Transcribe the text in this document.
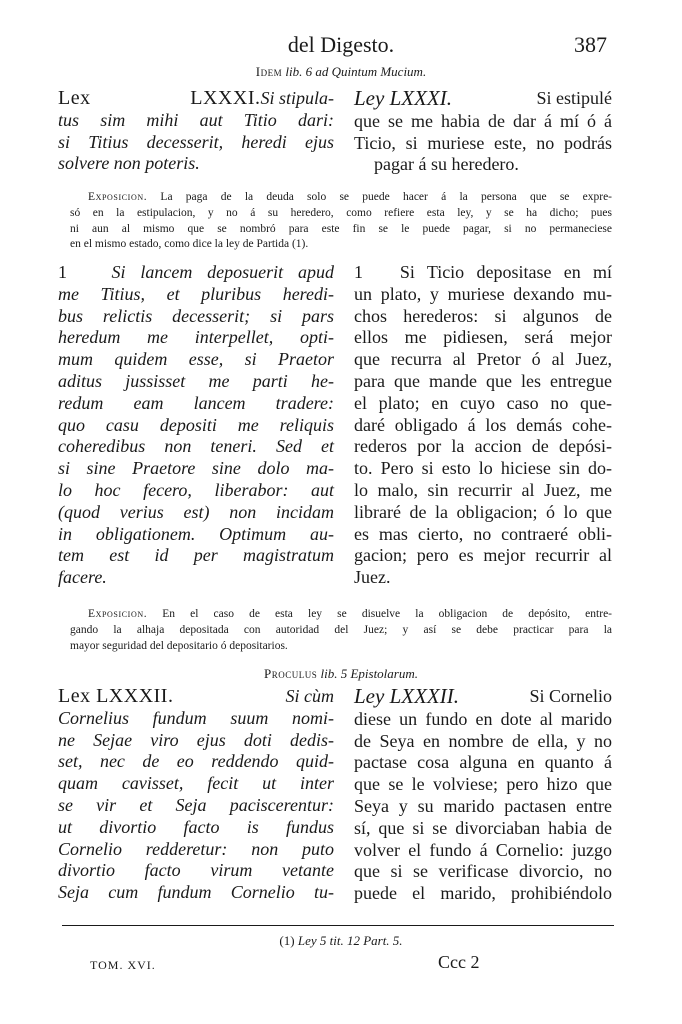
del Digesto.	387
Idem lib. 6 ad Quintum Mucium.
Lex LXXXI. Si stipula-
tus sim mihi aut Titio dari:
si Titius decesserit, heredi ejus
solvere non poteris.
Ley LXXXI.	Si estipulé
que se me habia de dar á mí ó á
Ticio, si muriese este, no podrás
pagar á su heredero.
Exposicion. La paga de la deuda solo se puede hacer á la persona que se expre-
só en la estipulacion, y no á su heredero, como refiere esta ley, y se ha dicho; pues
ni aun al mismo que se nombró para este fin se le puede pagar, si no permaneciese
en el mismo estado, como dice la ley de Partida (1).
1 Si lancem deposuerit apud
me Titius, et pluribus heredi-
bus relictis decesserit; si pars
heredum me interpellet, opti-
mum quidem esse, si Praetor
aditus jussisset me parti he-
redum eam lancem tradere:
quo casu depositi me reliquis
coheredibus non teneri. Sed et
si sine Praetore sine dolo ma-
lo hoc fecero, liberabor: aut
(quod verius est) non incidam
in obligationem. Optimum au-
tem est id per magistratum
facere.
1 Si Ticio depositase en mí
un plato, y muriese dexando mu-
chos herederos: si algunos de
ellos me pidiesen, será mejor
que recurra al Pretor ó al Juez,
para que mande que les entregue
el plato; en cuyo caso no que-
daré obligado á los demás cohe-
rederos por la accion de depósi-
to. Pero si esto lo hiciese sin do-
lo malo, sin recurrir al Juez, me
libraré de la obligacion; ó lo que
es mas cierto, no contraeré obli-
gacion; pero es mejor recurrir al
Juez.
Exposicion. En el caso de esta ley se disuelve la obligacion de depósito, entre-
gando la alhaja depositada con autoridad del Juez; y así se debe practicar para la
mayor seguridad del depositario ó depositarios.
Proculus lib. 5 Epistolarum.
Lex LXXXII.	Si cùm
Cornelius fundum suum nomi-
ne Sejae viro ejus doti dedis-
set, nec de eo reddendo quid-
quam cavisset, fecit ut inter
se vir et Seja paciscerentur:
ut divortio facto is fundus
Cornelio redderetur: non puto
divortio facto virum vetante
Seja cum fundum Cornelio tu-
Ley LXXXII.	Si Cornelio
diese un fundo en dote al marido
de Seya en nombre de ella, y no
pactase cosa alguna en quanto á
que se le volviese; pero hizo que
Seya y su marido pactasen entre
sí, que si se divorciaban habia de
volver el fundo á Cornelio: juzgo
que si se verificase divorcio, no
puede el marido, prohibiéndolo
(1) Ley 5 tit. 12 Part. 5.
TOM. XVI.	Ccc 2
